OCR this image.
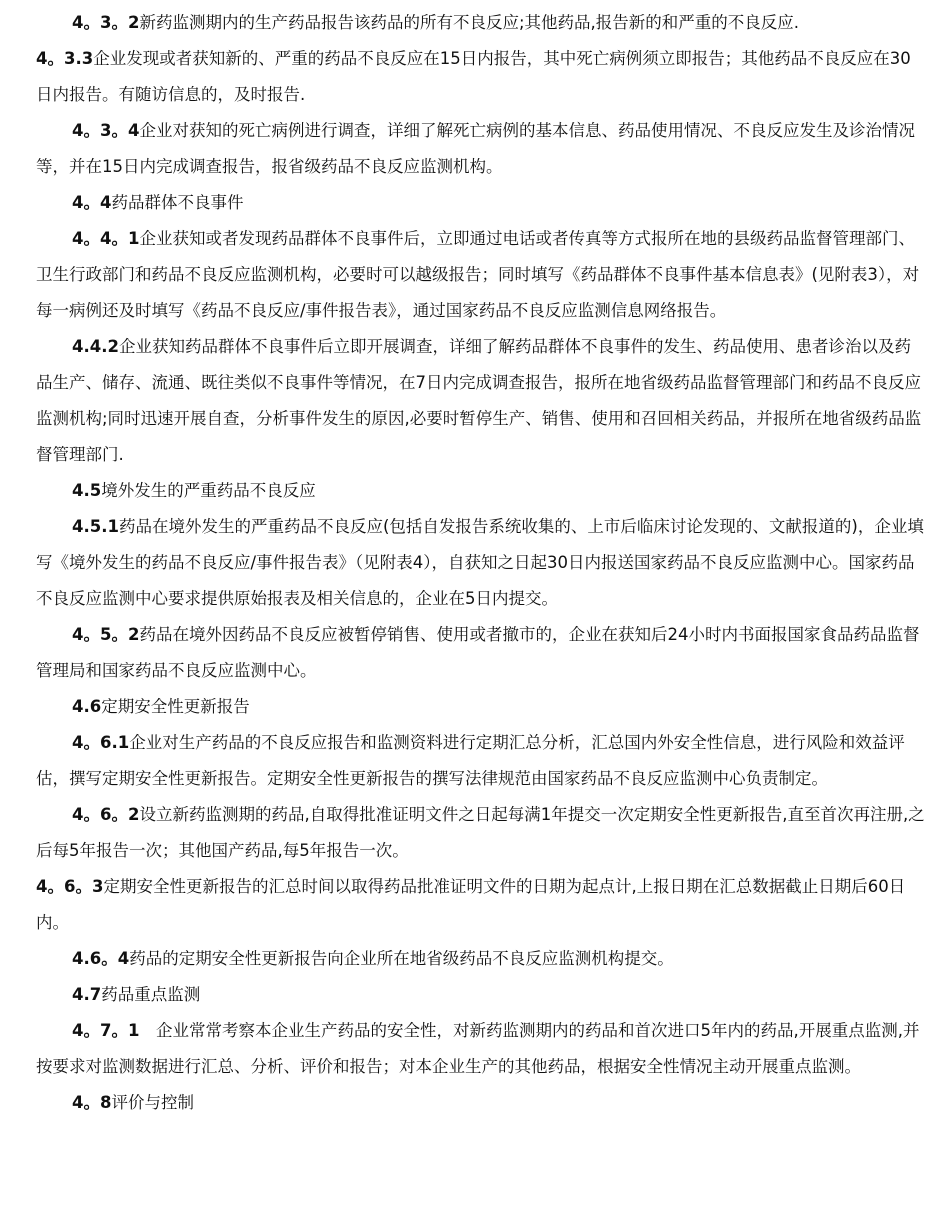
4。3。2新药监测期内的生产药品报告该药品的所有不良反应;其他药品,报告新的和严重的不良反应.

4。3.3企业发现或者获知新的、严重的药品不良反应在15日内报告，其中死亡病例须立即报告；其他药品不良反应在30日内报告。有随访信息的，及时报告.

4。3。4企业对获知的死亡病例进行调查，详细了解死亡病例的基本信息、药品使用情况、不良反应发生及诊治情况等，并在15日内完成调查报告，报省级药品不良反应监测机构。

4。4药品群体不良事件

4。4。1企业获知或者发现药品群体不良事件后，立即通过电话或者传真等方式报所在地的县级药品监督管理部门、卫生行政部门和药品不良反应监测机构，必要时可以越级报告；同时填写《药品群体不良事件基本信息表》(见附表3），对每一病例还及时填写《药品不良反应/事件报告表》，通过国家药品不良反应监测信息网络报告。

4.4.2企业获知药品群体不良事件后立即开展调查，详细了解药品群体不良事件的发生、药品使用、患者诊治以及药品生产、储存、流通、既往类似不良事件等情况，在7日内完成调查报告，报所在地省级药品监督管理部门和药品不良反应监测机构;同时迅速开展自查，分析事件发生的原因,必要时暂停生产、销售、使用和召回相关药品，并报所在地省级药品监督管理部门.

4.5境外发生的严重药品不良反应

4.5.1药品在境外发生的严重药品不良反应(包括自发报告系统收集的、上市后临床讨论发现的、文献报道的)，企业填写《境外发生的药品不良反应/事件报告表》（见附表4），自获知之日起30日内报送国家药品不良反应监测中心。国家药品不良反应监测中心要求提供原始报表及相关信息的，企业在5日内提交。

4。5。2药品在境外因药品不良反应被暂停销售、使用或者撤市的，企业在获知后24小时内书面报国家食品药品监督管理局和国家药品不良反应监测中心。

4.6定期安全性更新报告

4。6.1企业对生产药品的不良反应报告和监测资料进行定期汇总分析，汇总国内外安全性信息，进行风险和效益评估，撰写定期安全性更新报告。定期安全性更新报告的撰写法律规范由国家药品不良反应监测中心负责制定。

4。6。2设立新药监测期的药品,自取得批准证明文件之日起每满1年提交一次定期安全性更新报告,直至首次再注册,之后每5年报告一次；其他国产药品,每5年报告一次。

4。6。3定期安全性更新报告的汇总时间以取得药品批准证明文件的日期为起点计,上报日期在汇总数据截止日期后60日内。

4.6。4药品的定期安全性更新报告向企业所在地省级药品不良反应监测机构提交。

4.7药品重点监测

4。7。1　企业常常考察本企业生产药品的安全性，对新药监测期内的药品和首次进口5年内的药品,开展重点监测,并按要求对监测数据进行汇总、分析、评价和报告；对本企业生产的其他药品，根据安全性情况主动开展重点监测。

4。8评价与控制
